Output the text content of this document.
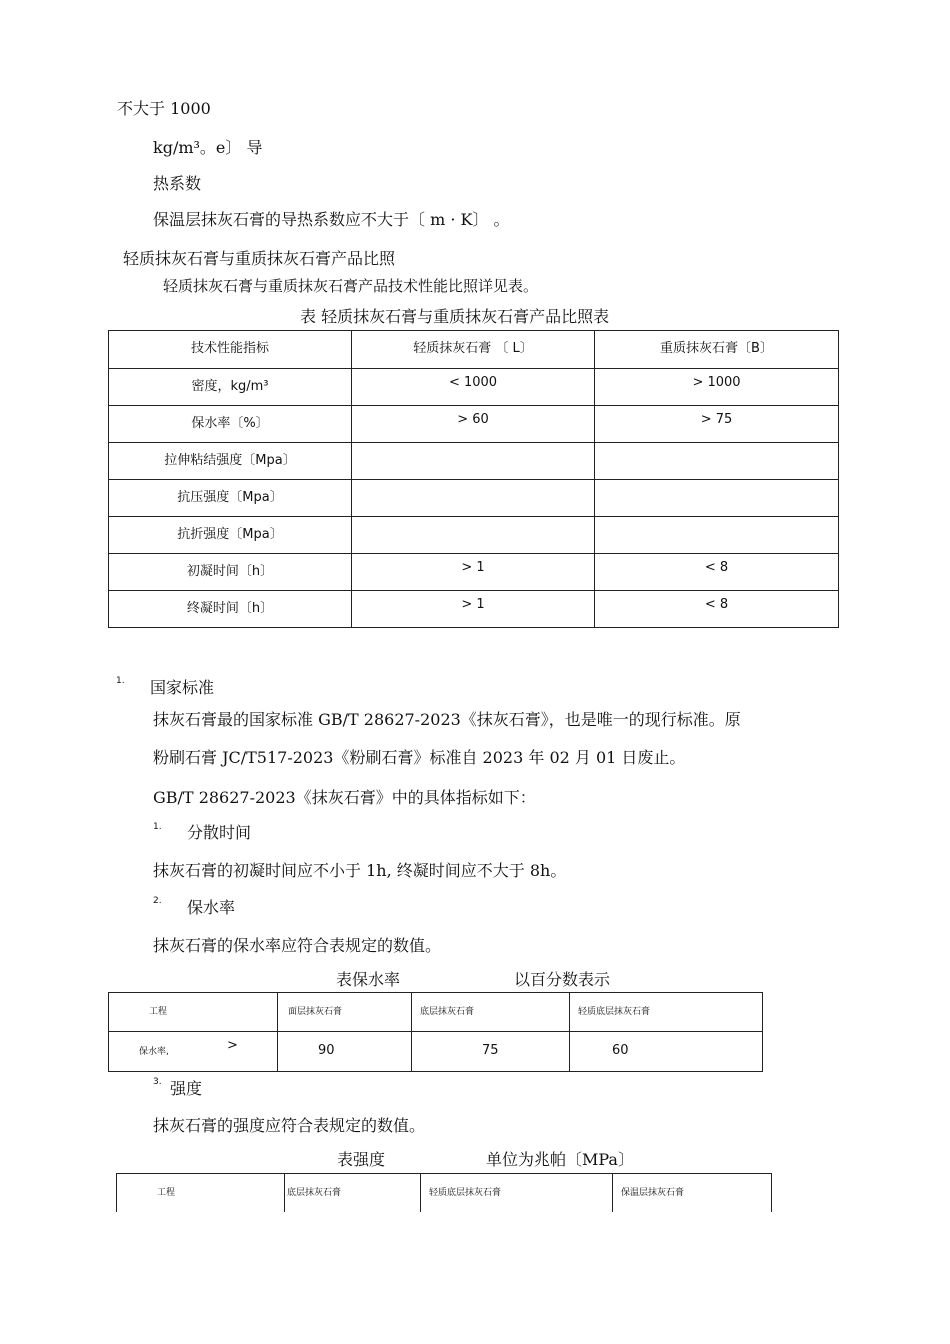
不大于 1000
kg/m³。e〕 导
热系数
保温层抹灰石膏的导热系数应不大于〔 m · K〕 。
轻质抹灰石膏与重质抹灰石膏产品比照
轻质抹灰石膏与重质抹灰石膏产品技术性能比照详见表。
表 轻质抹灰石膏与重质抹灰石膏产品比照表
技术性能指标	轻质抹灰石膏 〔 L〕	重质抹灰石膏〔B〕
密度，kg/m³	< 1000	> 1000
保水率〔%〕	> 60	> 75
拉伸粘结强度〔Mpa〕		
抗压强度〔Mpa〕		
抗折强度〔Mpa〕		
初凝时间〔h〕	> 1	< 8
终凝时间〔h〕	> 1	< 8
1. 国家标准
抹灰石膏最的国家标准 GB/T 28627-2023《抹灰石膏》，也是唯一的现行标准。原
粉刷石膏 JC/T517-2023《粉刷石膏》标准自 2023 年 02 月 01 日废止。
GB/T 28627-2023《抹灰石膏》中的具体指标如下：
1. 分散时间
抹灰石膏的初凝时间应不小于 1h, 终凝时间应不大于 8h。
2. 保水率
抹灰石膏的保水率应符合表规定的数值。
表保水率	以百分数表示
工程	面层抹灰石膏	底层抹灰石膏	轻质底层抹灰石膏
保水率, >	90	75	60
3. 强度
抹灰石膏的强度应符合表规定的数值。
表强度	单位为兆帕〔MPa〕
工程	底层抹灰石膏	轻质底层抹灰石膏	保温层抹灰石膏
